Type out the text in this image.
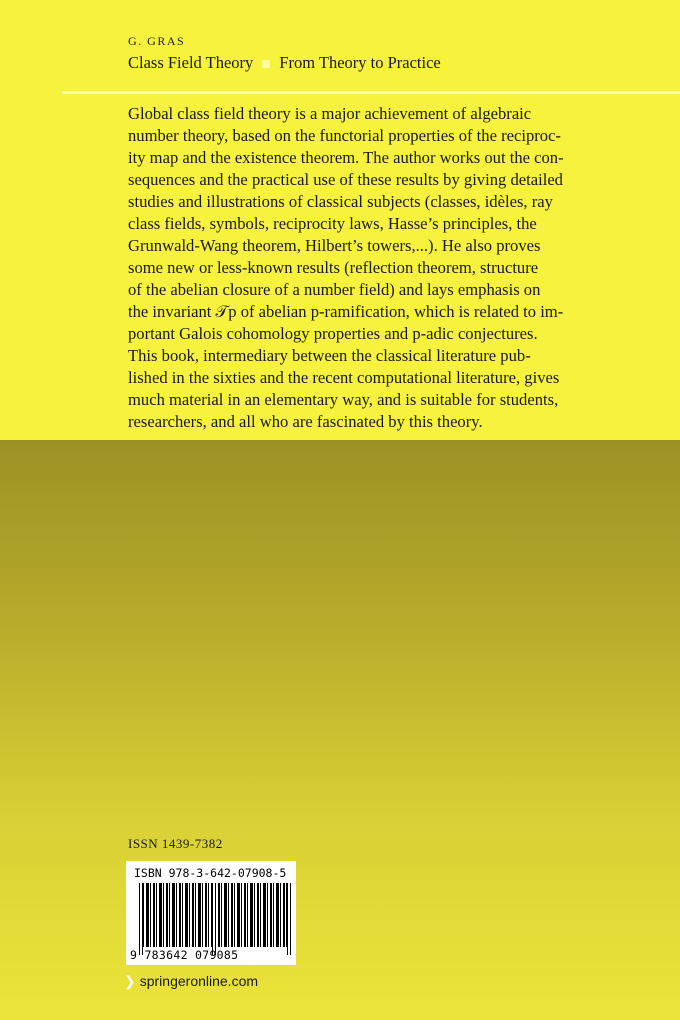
G. GRAS
Class Field Theory From Theory to Practice
Global class field theory is a major achievement of algebraic
number theory, based on the functorial properties of the reciproc-
ity map and the existence theorem. The author works out the con-
sequences and the practical use of these results by giving detailed
studies and illustrations of classical subjects (classes, idèles, ray
class fields, symbols, reciprocity laws, Hasse’s principles, the
Grunwald-Wang theorem, Hilbert’s towers,...). He also proves
some new or less-known results (reflection theorem, structure
of the abelian closure of a number field) and lays emphasis on
the invariant 𝒯p of abelian p-ramification, which is related to im-
portant Galois cohomology properties and p-adic conjectures.
This book, intermediary between the classical literature pub-
lished in the sixties and the recent computational literature, gives
much material in an elementary way, and is suitable for students,
researchers, and all who are fascinated by this theory.
ISSN 1439-7382
ISBN 978-3-642-07908-5
9 783642 079085
❯ springeronline.com
